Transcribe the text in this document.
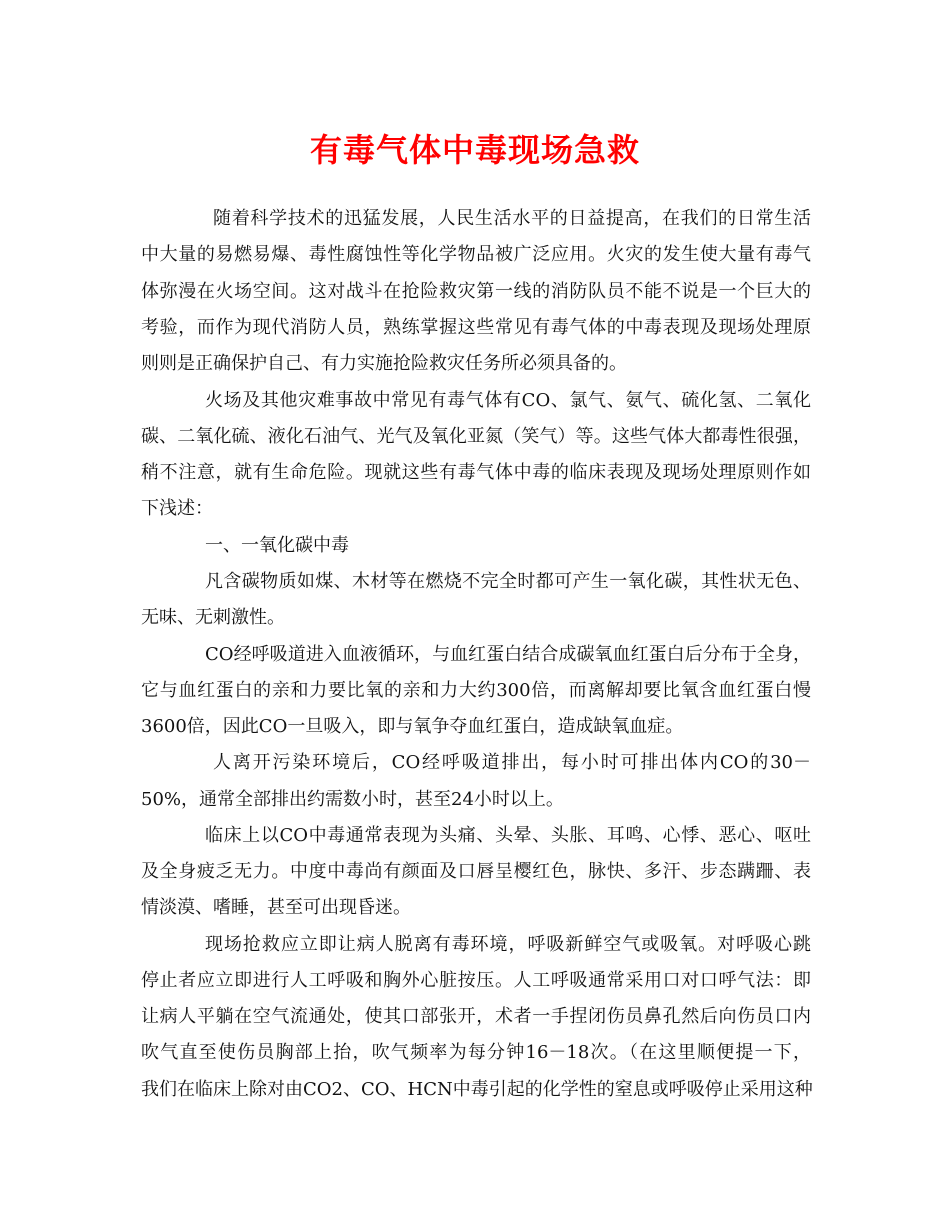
有毒气体中毒现场急救
随着科学技术的迅猛发展，人民生活水平的日益提高，在我们的日常生活
中大量的易燃易爆、毒性腐蚀性等化学物品被广泛应用。火灾的发生使大量有毒气
体弥漫在火场空间。这对战斗在抢险救灾第一线的消防队员不能不说是一个巨大的
考验，而作为现代消防人员，熟练掌握这些常见有毒气体的中毒表现及现场处理原
则则是正确保护自己、有力实施抢险救灾任务所必须具备的。
火场及其他灾难事故中常见有毒气体有CO、氯气、氨气、硫化氢、二氧化
碳、二氧化硫、液化石油气、光气及氧化亚氮（笑气）等。这些气体大都毒性很强，
稍不注意，就有生命危险。现就这些有毒气体中毒的临床表现及现场处理原则作如
下浅述：
一、一氧化碳中毒
凡含碳物质如煤、木材等在燃烧不完全时都可产生一氧化碳，其性状无色、
无味、无刺激性。
CO经呼吸道进入血液循环，与血红蛋白结合成碳氧血红蛋白后分布于全身，
它与血红蛋白的亲和力要比氧的亲和力大约300倍，而离解却要比氧含血红蛋白慢
3600倍，因此CO一旦吸入，即与氧争夺血红蛋白，造成缺氧血症。
人离开污染环境后，CO经呼吸道排出，每小时可排出体内CO的30－
50%，通常全部排出约需数小时，甚至24小时以上。
临床上以CO中毒通常表现为头痛、头晕、头胀、耳鸣、心悸、恶心、呕吐
及全身疲乏无力。中度中毒尚有颜面及口唇呈樱红色，脉快、多汗、步态蹒跚、表
情淡漠、嗜睡，甚至可出现昏迷。
现场抢救应立即让病人脱离有毒环境，呼吸新鲜空气或吸氧。对呼吸心跳
停止者应立即进行人工呼吸和胸外心脏按压。人工呼吸通常采用口对口呼气法：即
让病人平躺在空气流通处，使其口部张开，术者一手捏闭伤员鼻孔然后向伤员口内
吹气直至使伤员胸部上抬，吹气频率为每分钟16－18次。（在这里顺便提一下，
我们在临床上除对由CO2、CO、HCN中毒引起的化学性的窒息或呼吸停止采用这种
